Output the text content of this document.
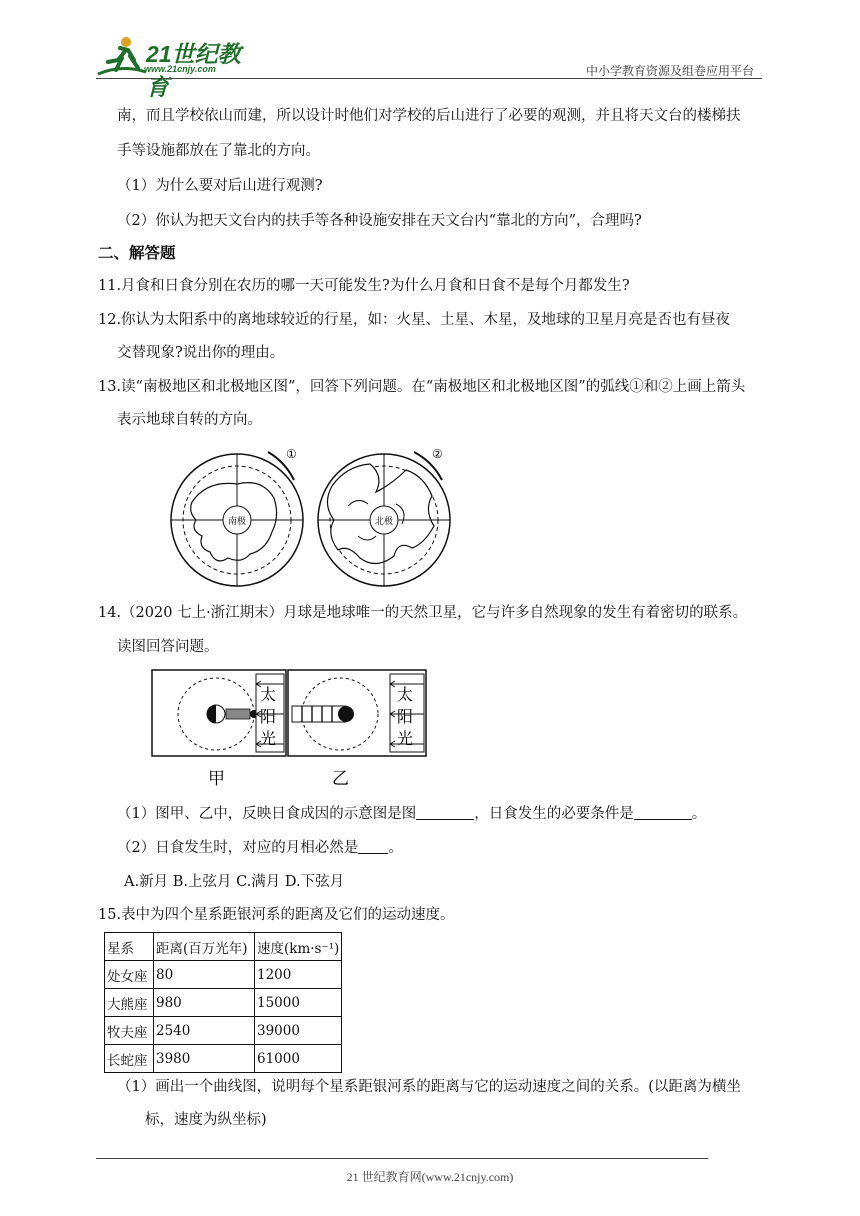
21世纪教育
www.21cnjy.com	中小学教育资源及组卷应用平台
南，而且学校依山而建，所以设计时他们对学校的后山进行了必要的观测，并且将天文台的楼梯扶
手等设施都放在了靠北的方向。
（1）为什么要对后山进行观测?
（2）你认为把天文台内的扶手等各种设施安排在天文台内“靠北的方向”，合理吗?
二、解答题
11.月食和日食分别在农历的哪一天可能发生?为什么月食和日食不是每个月都发生?
12.你认为太阳系中的离地球较近的行星，如：火星、土星、木星，及地球的卫星月亮是否也有昼夜
交替现象?说出你的理由。
13.读“南极地区和北极地区图”，回答下列问题。在“南极地区和北极地区图”的弧线①和②上画上箭头
表示地球自转的方向。
南极
①
北极
②
14.（2020 七上·浙江期末）月球是地球唯一的天然卫星，它与许多自然现象的发生有着密切的联系。
读图回答问题。
太
阳
光
太
阳
光
甲	乙
（1）图甲、乙中，反映日食成因的示意图是图	，日食发生的必要条件是	。
（2）日食发生时，对应的月相必然是 。
A.新月 B.上弦月 C.满月 D.下弦月
15.表中为四个星系距银河系的距离及它们的运动速度。
星系	距离(百万光年)	速度(km·s⁻¹)
处女座	80	1200
大熊座	980	15000
牧夫座	2540	39000
长蛇座	3980	61000
（1）画出一个曲线图，说明每个星系距银河系的距离与它的运动速度之间的关系。(以距离为横坐
标，速度为纵坐标)
21 世纪教育网(www.21cnjy.com)
